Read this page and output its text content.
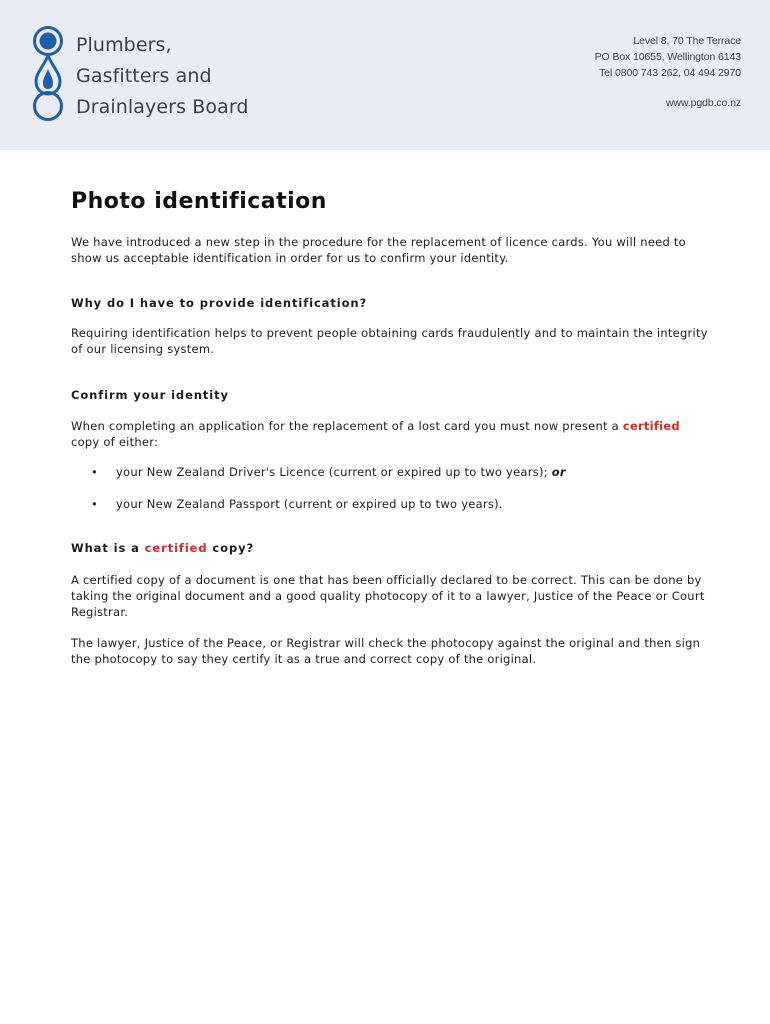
Plumbers,
Gasfitters and
Drainlayers Board
Level 8, 70 The Terrace
PO Box 10655, Wellington 6143
Tel 0800 743 262, 04 494 2970
www.pgdb.co.nz
Photo identification

We have introduced a new step in the procedure for the replacement of licence cards. You will need to show us acceptable identification in order for us to confirm your identity.

Why do I have to provide identification?

Requiring identification helps to prevent people obtaining cards fraudulently and to maintain the integrity of our licensing system.

Confirm your identity

When completing an application for the replacement of a lost card you must now present a certified copy of either:

• your New Zealand Driver's Licence (current or expired up to two years); or
• your New Zealand Passport (current or expired up to two years).
What is a certified copy?

A certified copy of a document is one that has been officially declared to be correct. This can be done by taking the original document and a good quality photocopy of it to a lawyer, Justice of the Peace or Court Registrar.

The lawyer, Justice of the Peace, or Registrar will check the photocopy against the original and then sign the photocopy to say they certify it as a true and correct copy of the original.
